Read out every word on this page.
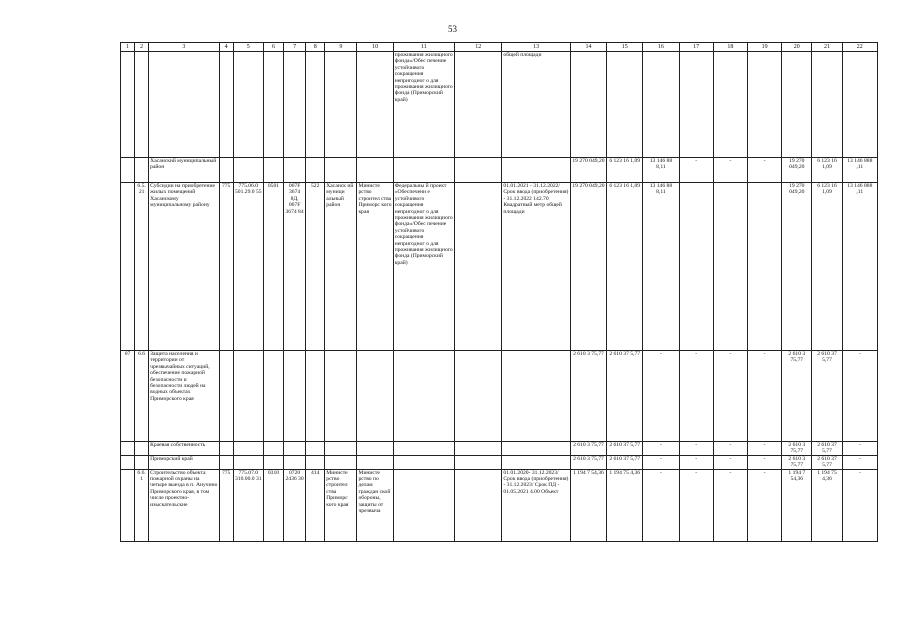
53
1	2	3	4	5	6	7	8	9	10	11	12	13	14	15	16	17	18	19	20	21	22
										проживания жилищного фонда»/Обес печение устойчивого сокращения непригодног о для проживания жилищного фонда (Приморский край)		общей площади									
		Хасанский муниципальный район											19 270 049,20	6 123 16 1,09	13 146 88 8,11	-	-	-	19 270 049,20	6 123 16 1,09	13 146 888 ,11
	6.5. 21	Субсидии на приобретение жилых помещений Хасанскому муниципальному району	775	775.06.0 501.29.0 55	0501	067F 3674 8Д, 067F 3674 84	522	Хасанск ий муници альный район	Министе рство строител ства Приморс кого края	Федеральны й проект «Обеспечени е устойчивого сокращения непригодног о для проживания жилищного фонда»/Обес печение устойчивого сокращения непригодног о для проживания жилищного фонда (Приморский край)		01.01.2021 - 31.12.2022/ Срок ввода (приобретения) - 31.12.2022 142.70 Квадратный метр общей площади	19 270 049,20	6 123 16 1,09	13 146 88 8,11				19 270 049,20	6 123 16 1,09	13 146 888 ,11
07	6.6	Защита населения и территории от чрезвычайных ситуаций, обеспечение пожарной безопасности и безопасности людей на водных объектах Приморского края											2 610 3 75,77	2 610 37 5,77	-	-	-	-	2 610 3 75,77	2 610 37 5,77	-
		Краевая собственность											2 610 3 75,77	2 610 37 5,77	-	-	-	-	2 610 3 75,77	2 610 37 5,77	-
		Приморский край											2 610 3 75,77	2 610 37 5,77	-	-	-	-	2 610 3 75,77	2 610 37 5,77	-
	6.6. 1	Строительство объекта пожарной охраны на четыре выезда в п. Анучино Приморского края, в том числе проектно-изыскательские	775	775.07.0 310.00.0 31	0310	0720 2436 30	414	Министе рство строител ства Приморс кого края	Министе рство по делам граждан ской обороны, защиты от чрезвыча			01.01.2020- 31.12.2023/ Срок ввода (приобретения) - 31.12.2023/ Срок ПД - 01.05.2021 4.00 Объект	1 194 7 54,36	1 194 75 4,36	-	-	-	-	1 194 7 54,36	1 194 75 4,36	-
